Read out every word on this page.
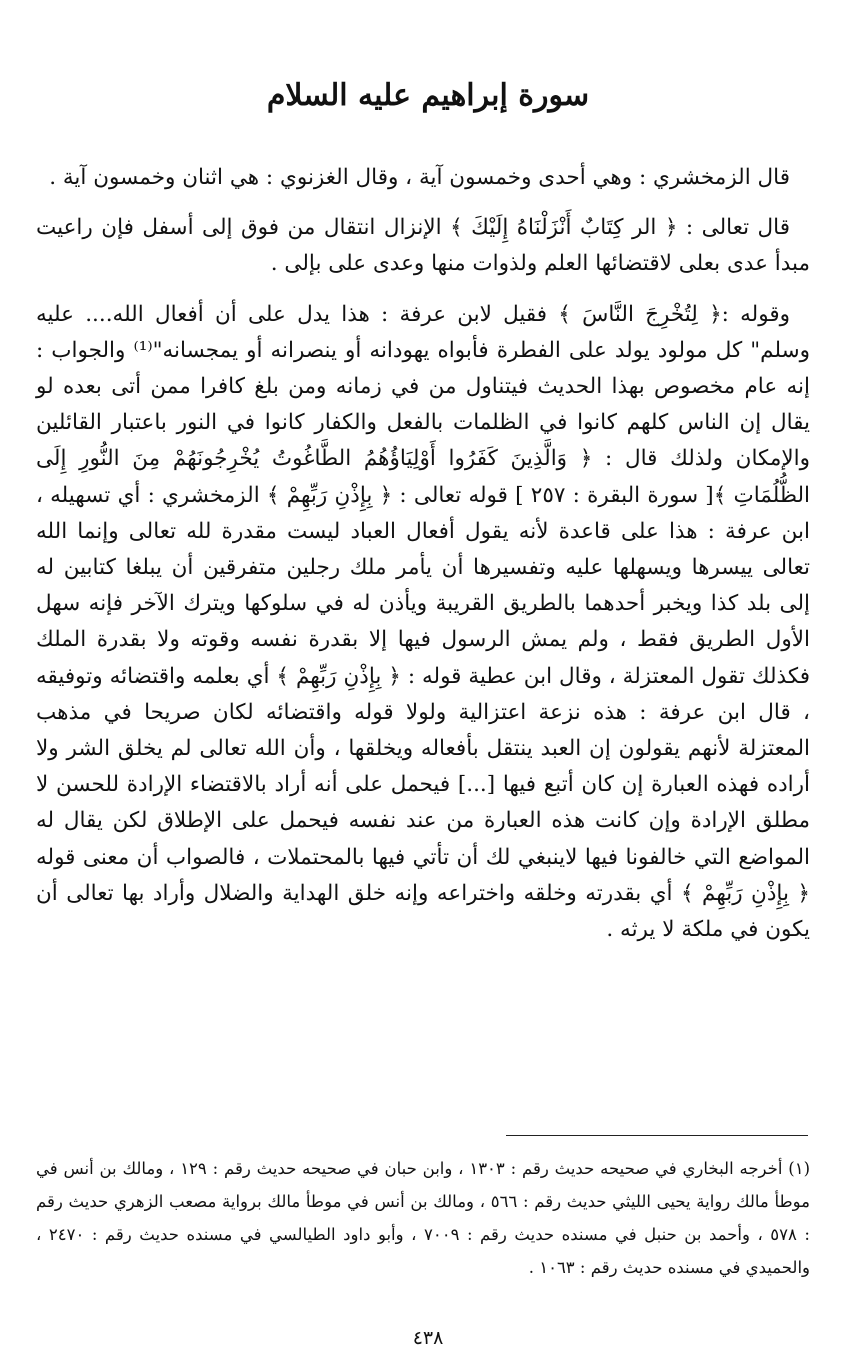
سورة إبراهيم عليه السلام

قال الزمخشري : وهي أحدى وخمسون آية ، وقال الغزنوي : هي اثنان وخمسون آية .

قال تعالى : ﴿ الر كِتَابٌ أَنْزَلْنَاهُ إِلَيْكَ ﴾ الإنزال انتقال من فوق إلى أسفل فإن راعيت مبدأ عدى بعلى لاقتضائها العلم ولذوات منها وعدى على بإلى .

وقوله :﴿ لِتُخْرِجَ النَّاسَ ﴾ فقيل لابن عرفة : هذا يدل على أن أفعال الله.... عليه وسلم" كل مولود يولد على الفطرة فأبواه يهودانه أو ينصرانه أو يمجسانه"⁽¹⁾ والجواب : إنه عام مخصوص بهذا الحديث فيتناول من في زمانه ومن بلغ كافرا ممن أتى بعده لو يقال إن الناس كلهم كانوا في الظلمات بالفعل والكفار كانوا في النور باعتبار القائلين والإمكان ولذلك قال : ﴿ وَالَّذِينَ كَفَرُوا أَوْلِيَاؤُهُمُ الطَّاغُوتُ يُخْرِجُونَهُمْ مِنَ النُّورِ إِلَى الظُّلُمَاتِ ﴾[ سورة البقرة : ٢٥٧ ] قوله تعالى : ﴿ بِإِذْنِ رَبِّهِمْ ﴾ الزمخشري : أي تسهيله ، ابن عرفة : هذا على قاعدة لأنه يقول أفعال العباد ليست مقدرة لله تعالى وإنما الله تعالى ييسرها ويسهلها عليه وتفسيرها أن يأمر ملك رجلين متفرقين أن يبلغا كتابين له إلى بلد كذا ويخبر أحدهما بالطريق القريبة ويأذن له في سلوكها ويترك الآخر فإنه سهل الأول الطريق فقط ، ولم يمش الرسول فيها إلا بقدرة نفسه وقوته ولا بقدرة الملك فكذلك تقول المعتزلة ، وقال ابن عطية قوله : ﴿ بِإِذْنِ رَبِّهِمْ ﴾ أي بعلمه واقتضائه وتوفيقه ، قال ابن عرفة : هذه نزعة اعتزالية ولولا قوله واقتضائه لكان صريحا في مذهب المعتزلة لأنهم يقولون إن العبد ينتقل بأفعاله ويخلقها ، وأن الله تعالى لم يخلق الشر ولا أراده فهذه العبارة إن كان أتبع فيها [...] فيحمل على أنه أراد بالاقتضاء الإرادة للحسن لا مطلق الإرادة وإن كانت هذه العبارة من عند نفسه فيحمل على الإطلاق لكن يقال له المواضع التي خالفونا فيها لاينبغي لك أن تأتي فيها بالمحتملات ، فالصواب أن معنى قوله ﴿ بِإِذْنِ رَبِّهِمْ ﴾ أي بقدرته وخلقه واختراعه وإنه خلق الهداية والضلال وأراد بها تعالى أن يكون في ملكة لا يرثه .

(١) أخرجه البخاري في صحيحه حديث رقم : ١٣٠٣ ، وابن حبان في صحيحه حديث رقم : ١٢٩ ، ومالك بن أنس في موطأ مالك رواية يحيى الليثي حديث رقم : ٥٦٦ ، ومالك بن أنس في موطأ مالك برواية مصعب الزهري حديث رقم : ٥٧٨ ، وأحمد بن حنبل في مسنده حديث رقم : ٧٠٠٩ ، وأبو داود الطيالسي في مسنده حديث رقم : ٢٤٧٠ ، والحميدي في مسنده حديث رقم : ١٠٦٣ .

٤٣٨
